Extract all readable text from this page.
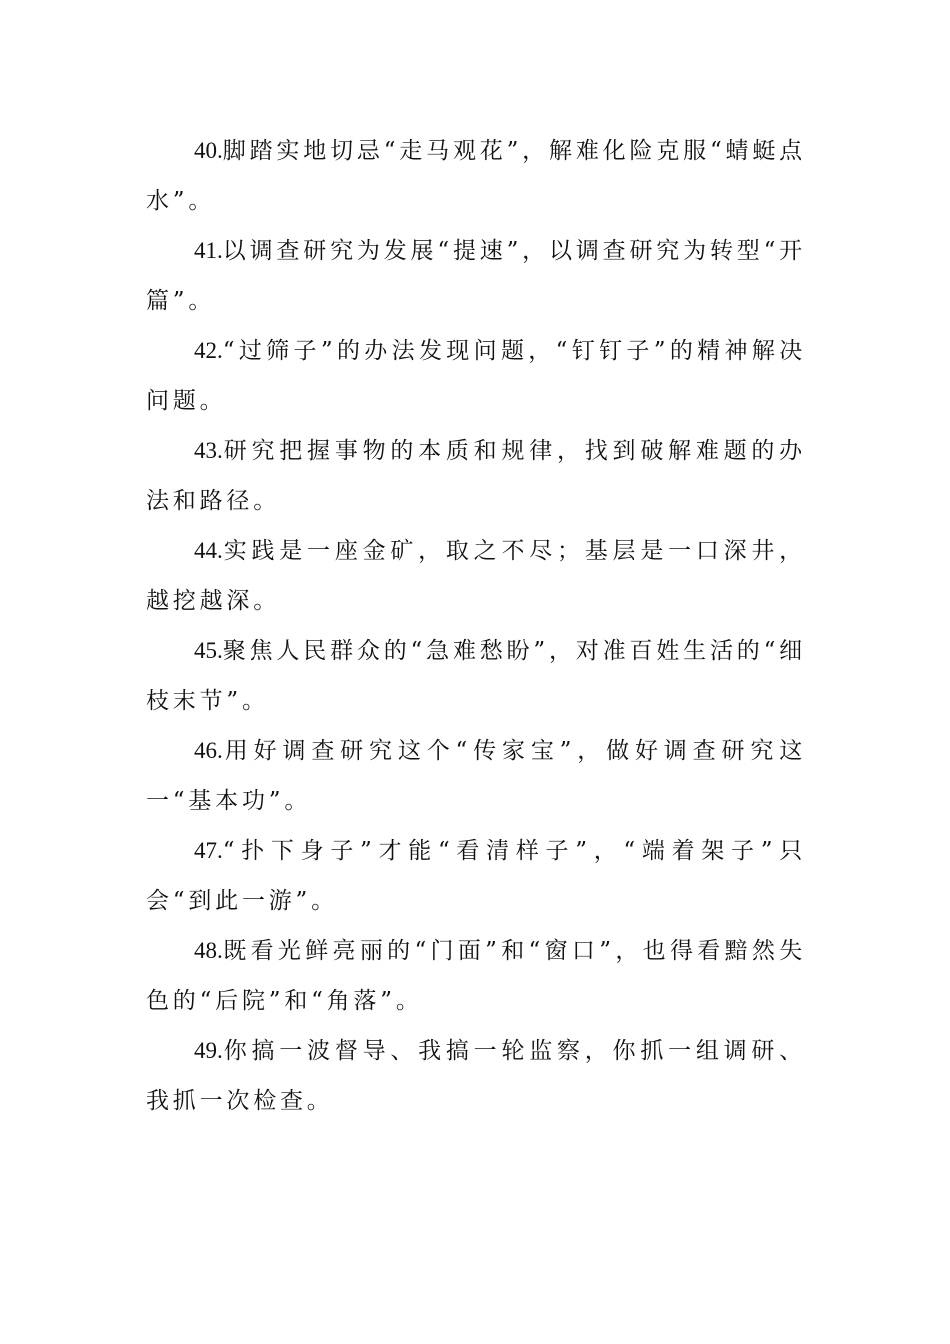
40.脚踏实地切忌“走马观花”，解难化险克服“蜻蜓点水”。

41.以调查研究为发展“提速”，以调查研究为转型“开篇”。

42.“过筛子”的办法发现问题，“钉钉子”的精神解决问题。

43.研究把握事物的本质和规律，找到破解难题的办法和路径。

44.实践是一座金矿，取之不尽；基层是一口深井，越挖越深。

45.聚焦人民群众的“急难愁盼”，对准百姓生活的“细枝末节”。

46.用好调查研究这个“传家宝”，做好调查研究这一“基本功”。

47.“扑下身子”才能“看清样子”，“端着架子”只会“到此一游”。

48.既看光鲜亮丽的“门面”和“窗口”，也得看黯然失色的“后院”和“角落”。

49.你搞一波督导、我搞一轮监察，你抓一组调研、我抓一次检查。
